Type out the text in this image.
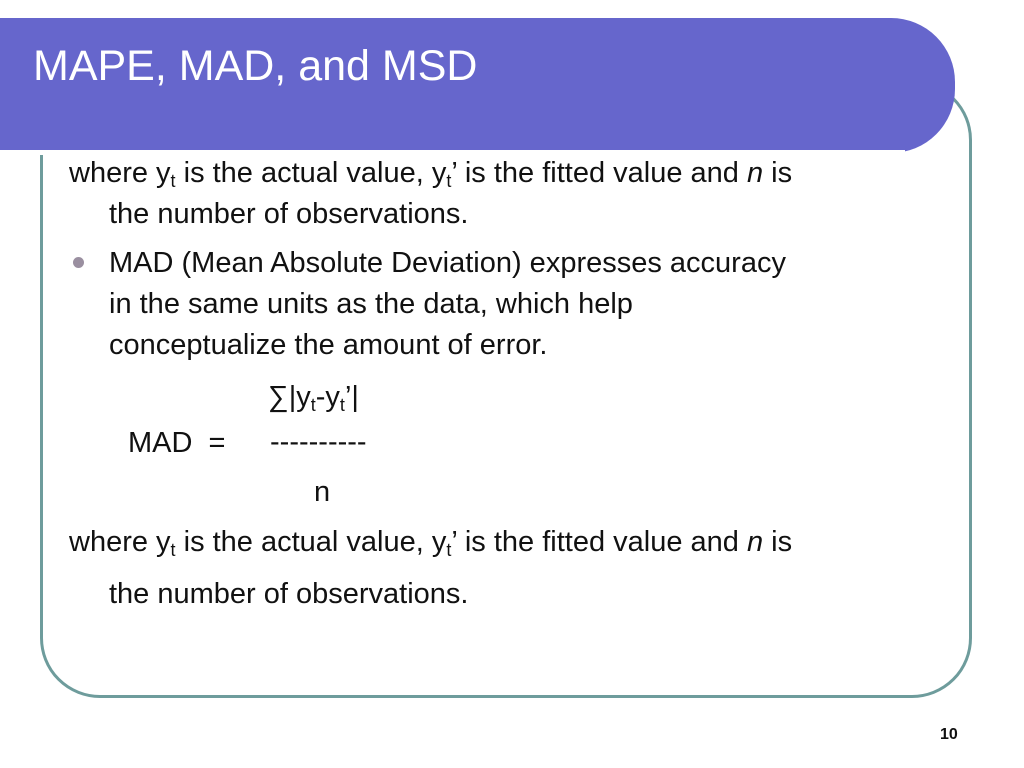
MAPE, MAD, and MSD

where $y_t$ is the actual value, $y_t$’ is the fitted value and n is

the number of observations.

MAD (Mean Absolute Deviation) expresses accuracy

in the same units as the data, which help

conceptualize the amount of error.

$\sum|y_t-y_t’|$

MAD  = ----------

n

where $y_t$ is the actual value, $y_t$’ is the fitted value and n is

the number of observations.

10
